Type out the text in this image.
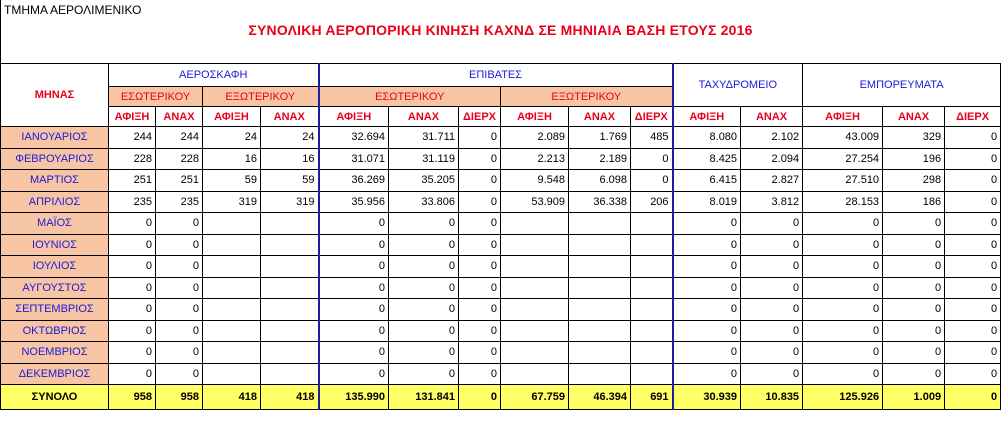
ΤΜΗΜΑ ΑΕΡΟΛΙΜΕΝΙΚΟ
ΣΥΝΟΛΙΚΗ ΑΕΡΟΠΟΡΙΚΗ ΚΙΝΗΣΗ ΚΑΧΝΔ ΣΕ ΜΗΝΙΑΙΑ ΒΑΣΗ ΕΤΟΥΣ 2016
ΜΗΝΑΣ	ΑΕΡΟΣΚΑΦΗ				ΕΠΙΒΑΤΕΣ						ΤΑΧΥΔΡΟΜΕΙΟ		ΕΜΠΟΡΕΥΜΑΤΑ		
	ΕΣΩΤΕΡΙΚΟΥ		ΕΞΩΤΕΡΙΚΟΥ		ΕΣΩΤΕΡΙΚΟΥ			ΕΞΩΤΕΡΙΚΟΥ							
	ΑΦΙΞΗ	ΑΝΑΧ	ΑΦΙΞΗ	ΑΝΑΧ	ΑΦΙΞΗ	ΑΝΑΧ	ΔΙΕΡΧ	ΑΦΙΞΗ	ΑΝΑΧ	ΔΙΕΡΧ	ΑΦΙΞΗ	ΑΝΑΧ	ΑΦΙΞΗ	ΑΝΑΧ	ΔΙΕΡΧ
ΙΑΝΟΥΑΡΙΟΣ	244	244	24	24	32.694	31.711	0	2.089	1.769	485	8.080	2.102	43.009	329	0
ΦΕΒΡΟΥΑΡΙΟΣ	228	228	16	16	31.071	31.119	0	2.213	2.189	0	8.425	2.094	27.254	196	0
ΜΑΡΤΙΟΣ	251	251	59	59	36.269	35.205	0	9.548	6.098	0	6.415	2.827	27.510	298	0
ΑΠΡΙΛΙΟΣ	235	235	319	319	35.956	33.806	0	53.909	36.338	206	8.019	3.812	28.153	186	0
ΜΑΪΟΣ	0	0			0	0	0				0	0	0	0	0
ΙΟΥΝΙΟΣ	0	0			0	0	0				0	0	0	0	0
ΙΟΥΛΙΟΣ	0	0			0	0	0				0	0	0	0	0
ΑΥΓΟΥΣΤΟΣ	0	0			0	0	0				0	0	0	0	0
ΣΕΠΤΕΜΒΡΙΟΣ	0	0			0	0	0				0	0	0	0	0
ΟΚΤΩΒΡΙΟΣ	0	0			0	0	0				0	0	0	0	0
ΝΟΕΜΒΡΙΟΣ	0	0			0	0	0				0	0	0	0	0
ΔΕΚΕΜΒΡΙΟΣ	0	0			0	0	0				0	0	0	0	0
ΣΥΝΟΛΟ	958	958	418	418	135.990	131.841	0	67.759	46.394	691	30.939	10.835	125.926	1.009	0
